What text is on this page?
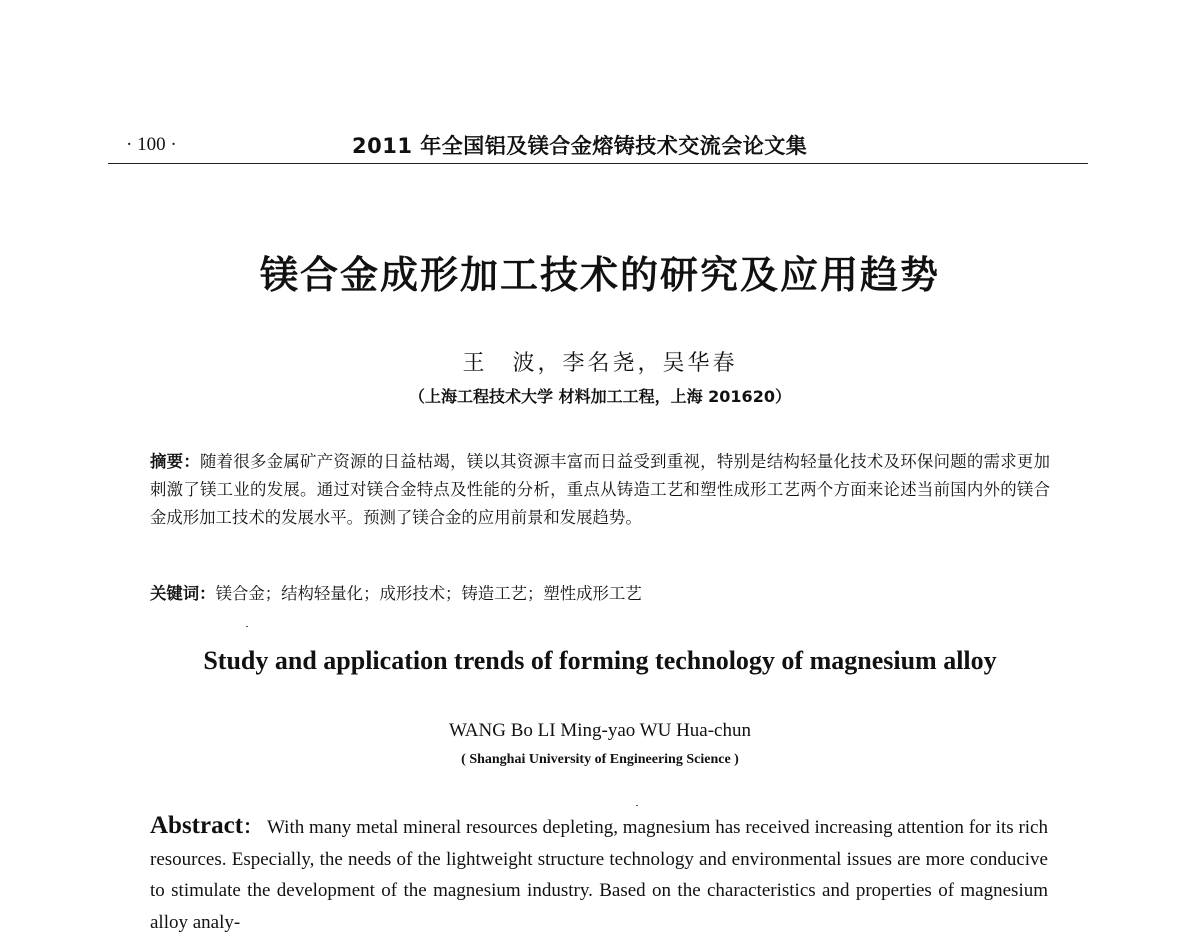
· 100 ·	2011 年全国铝及镁合金熔铸技术交流会论文集
镁合金成形加工技术的研究及应用趋势
王　波，李名尧，吴华春
（上海工程技术大学 材料加工工程，上海 201620）
摘要：随着很多金属矿产资源的日益枯竭，镁以其资源丰富而日益受到重视，特别是结构轻量化技术及环保问题的需求更加刺激了镁工业的发展。通过对镁合金特点及性能的分析，重点从铸造工艺和塑性成形工艺两个方面来论述当前国内外的镁合金成形加工技术的发展水平。预测了镁合金的应用前景和发展趋势。
关键词：镁合金；结构轻量化；成形技术；铸造工艺；塑性成形工艺
Study and application trends of forming technology of magnesium alloy
WANG Bo LI Ming-yao WU Hua-chun
( Shanghai University of Engineering Science )
Abstract： With many metal mineral resources depleting, magnesium has received increasing attention for its rich resources. Especially, the needs of the lightweight structure technology and environmental issues are more conducive to stimulate the development of the magnesium industry. Based on the characteristics and properties of magnesium alloy analy-
